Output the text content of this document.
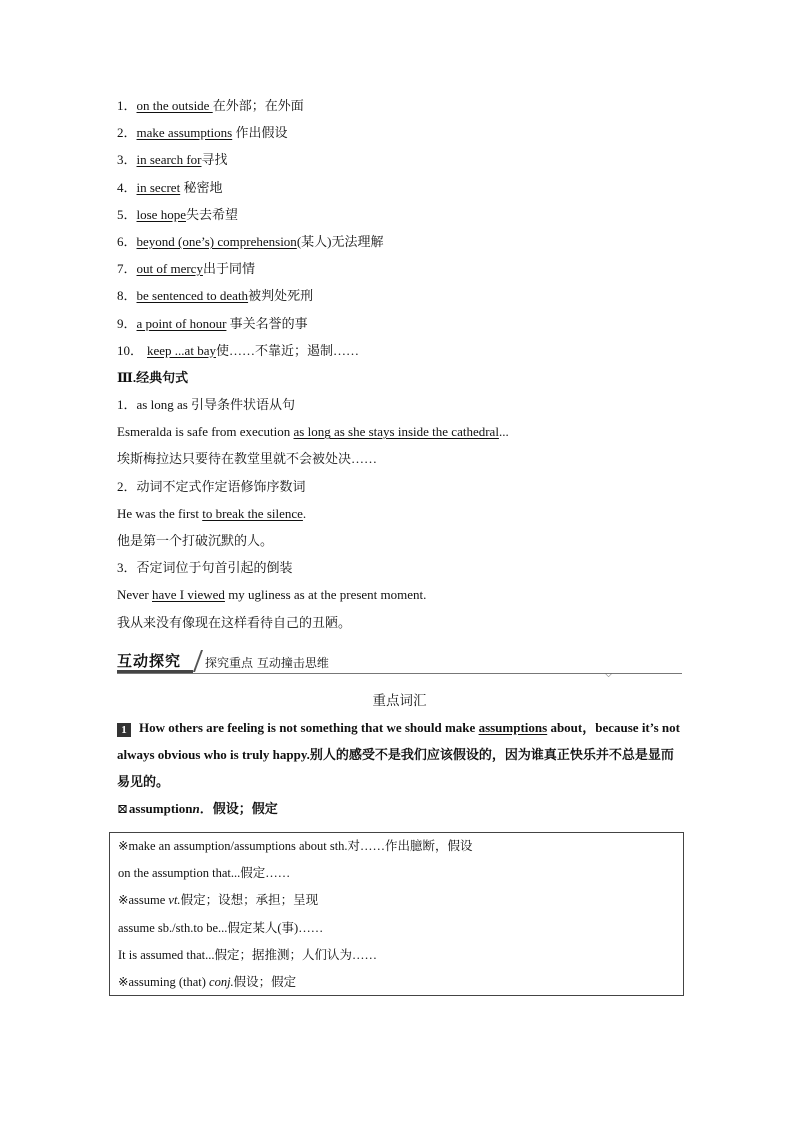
1．on the outside 在外部；在外面
2．make assumptions 作出假设
3．in search for寻找
4．in secret 秘密地
5．lose hope失去希望
6．beyond (one’s) comprehension(某人)无法理解
7．out of mercy出于同情
8．be sentenced to death被判处死刑
9．a point of honour 事关名誉的事
10． keep ...at bay使……不靠近；遏制……
Ⅲ.经典句式
1．as long as 引导条件状语从句
Esmeralda is safe from execution as long as she stays inside the cathedral...
埃斯梅拉达只要待在教堂里就不会被处决……
2．动词不定式作定语修饰序数词
He was the first to break the silence.
他是第一个打破沉默的人。
3．否定词位于句首引起的倒装
Never have I viewed my ugliness as at the present moment.
我从来没有像现在这样看待自己的丑陋。
互动探究 探究重点 互动撞击思维
⌵
重点词汇
1 How others are feeling is not something that we should make assumptions about，because it’s not always obvious who is truly happy.别人的感受不是我们应该假设的，因为谁真正快乐并不总是显而易见的。
⊠assumptionn．假设；假定
※make an assumption/assumptions about sth.对……作出臆断，假设
on the assumption that...假定……
※assume vt.假定；设想；承担；呈现
assume sb./sth.to be...假定某人(事)……
It is assumed that...假定；据推测；人们认为……
※assuming (that) conj.假设；假定
